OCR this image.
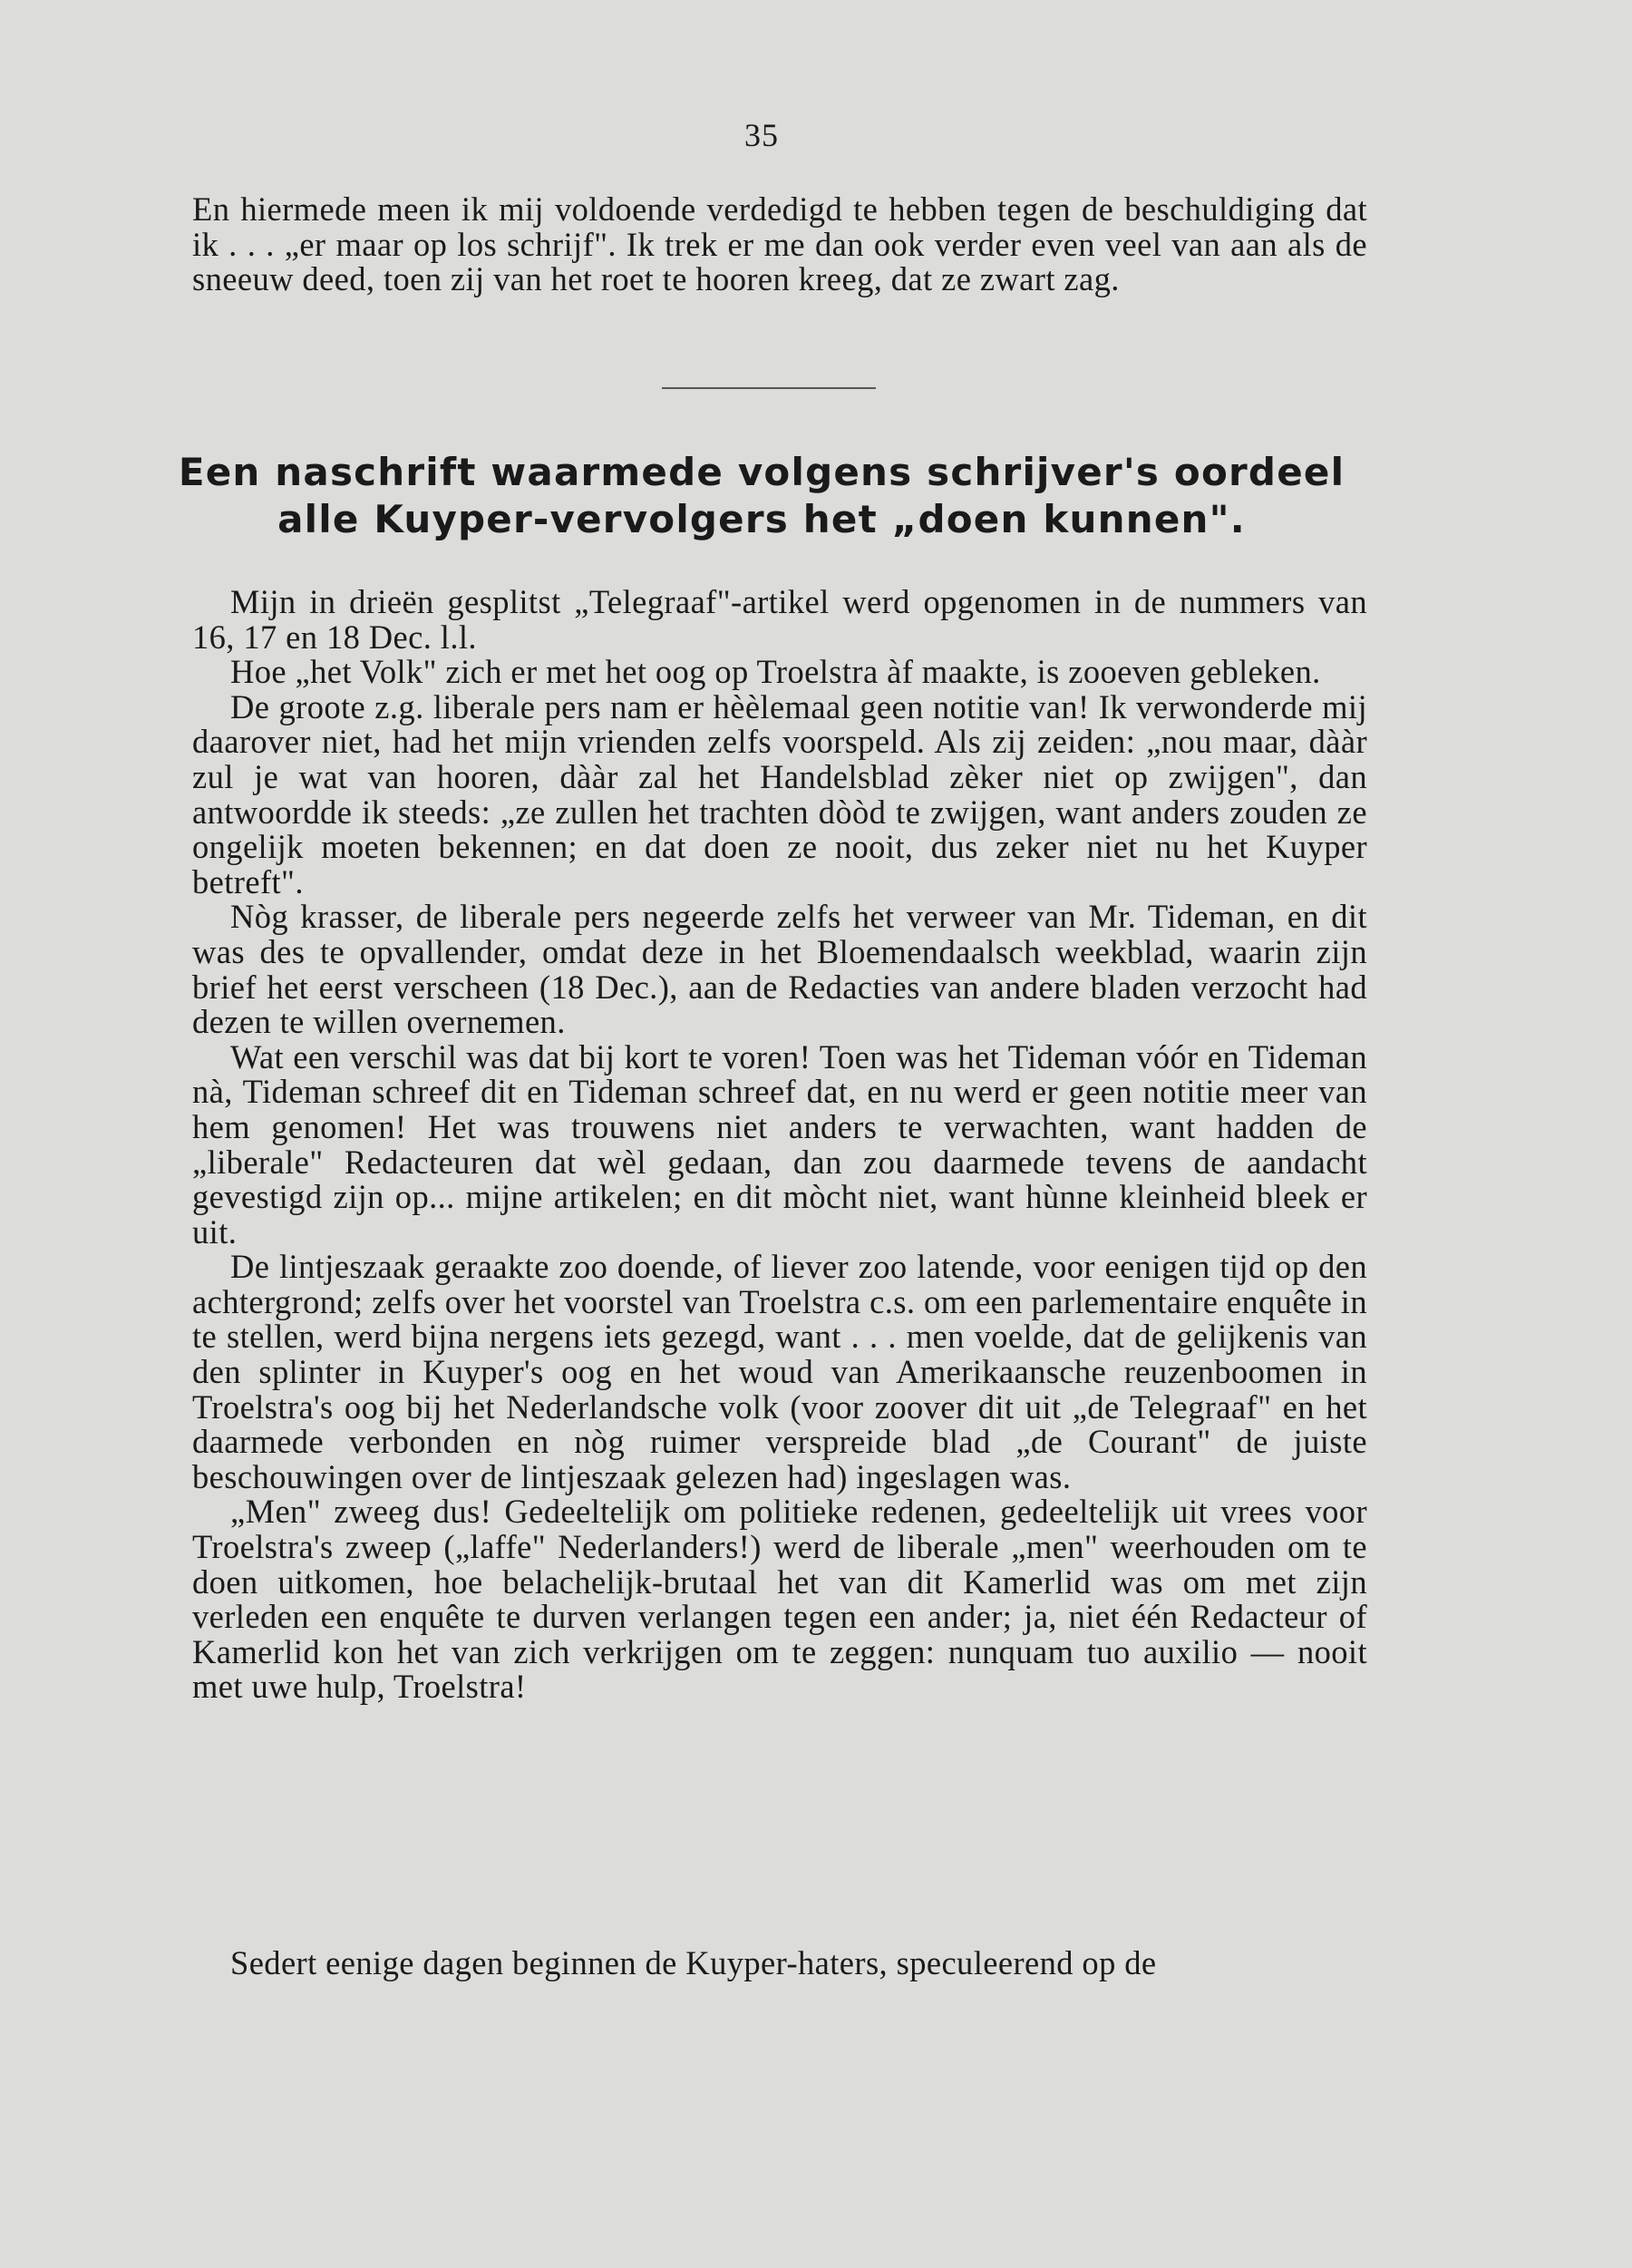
35

En hiermede meen ik mij voldoende verdedigd te hebben tegen de beschuldiging dat ik . . . „er maar op los schrijf". Ik trek er me dan ook verder even veel van aan als de sneeuw deed, toen zij van het roet te hooren kreeg, dat ze zwart zag.

Een naschrift waarmede volgens schrijver's oordeel
alle Kuyper-vervolgers het „doen kunnen".

Mijn in drieën gesplitst „Telegraaf"-artikel werd opgenomen in de nummers van 16, 17 en 18 Dec. l.l.

Hoe „het Volk" zich er met het oog op Troelstra àf maakte, is zooeven gebleken.

De groote z.g. liberale pers nam er hèèlemaal geen notitie van! Ik verwonderde mij daarover niet, had het mijn vrienden zelfs voorspeld. Als zij zeiden: „nou maar, dààr zul je wat van hooren, dààr zal het Handelsblad zèker niet op zwijgen", dan antwoordde ik steeds: „ze zullen het trachten dòòd te zwijgen, want anders zouden ze ongelijk moeten bekennen; en dat doen ze nooit, dus zeker niet nu het Kuyper betreft".

Nòg krasser, de liberale pers negeerde zelfs het verweer van Mr. Tideman, en dit was des te opvallender, omdat deze in het Bloemendaalsch weekblad, waarin zijn brief het eerst verscheen (18 Dec.), aan de Redacties van andere bladen verzocht had dezen te willen overnemen.

Wat een verschil was dat bij kort te voren! Toen was het Tideman vóór en Tideman nà, Tideman schreef dit en Tideman schreef dat, en nu werd er geen notitie meer van hem genomen! Het was trouwens niet anders te verwachten, want hadden de „liberale" Redacteuren dat wèl gedaan, dan zou daarmede tevens de aandacht gevestigd zijn op... mijne artikelen; en dit mòcht niet, want hùnne kleinheid bleek er uit.

De lintjeszaak geraakte zoo doende, of liever zoo latende, voor eenigen tijd op den achtergrond; zelfs over het voorstel van Troelstra c.s. om een parlementaire enquête in te stellen, werd bijna nergens iets gezegd, want . . . men voelde, dat de gelijkenis van den splinter in Kuyper's oog en het woud van Amerikaansche reuzenboomen in Troelstra's oog bij het Nederlandsche volk (voor zoover dit uit „de Telegraaf" en het daarmede verbonden en nòg ruimer verspreide blad „de Courant" de juiste beschouwingen over de lintjeszaak gelezen had) ingeslagen was.

„Men" zweeg dus! Gedeeltelijk om politieke redenen, gedeeltelijk uit vrees voor Troelstra's zweep („laffe" Nederlanders!) werd de liberale „men" weerhouden om te doen uitkomen, hoe belachelijk-brutaal het van dit Kamerlid was om met zijn verleden een enquête te durven verlangen tegen een ander; ja, niet één Redacteur of Kamerlid kon het van zich verkrijgen om te zeggen: nunquam tuo auxilio — nooit met uwe hulp, Troelstra!

Sedert eenige dagen beginnen de Kuyper-haters, speculeerend op de
